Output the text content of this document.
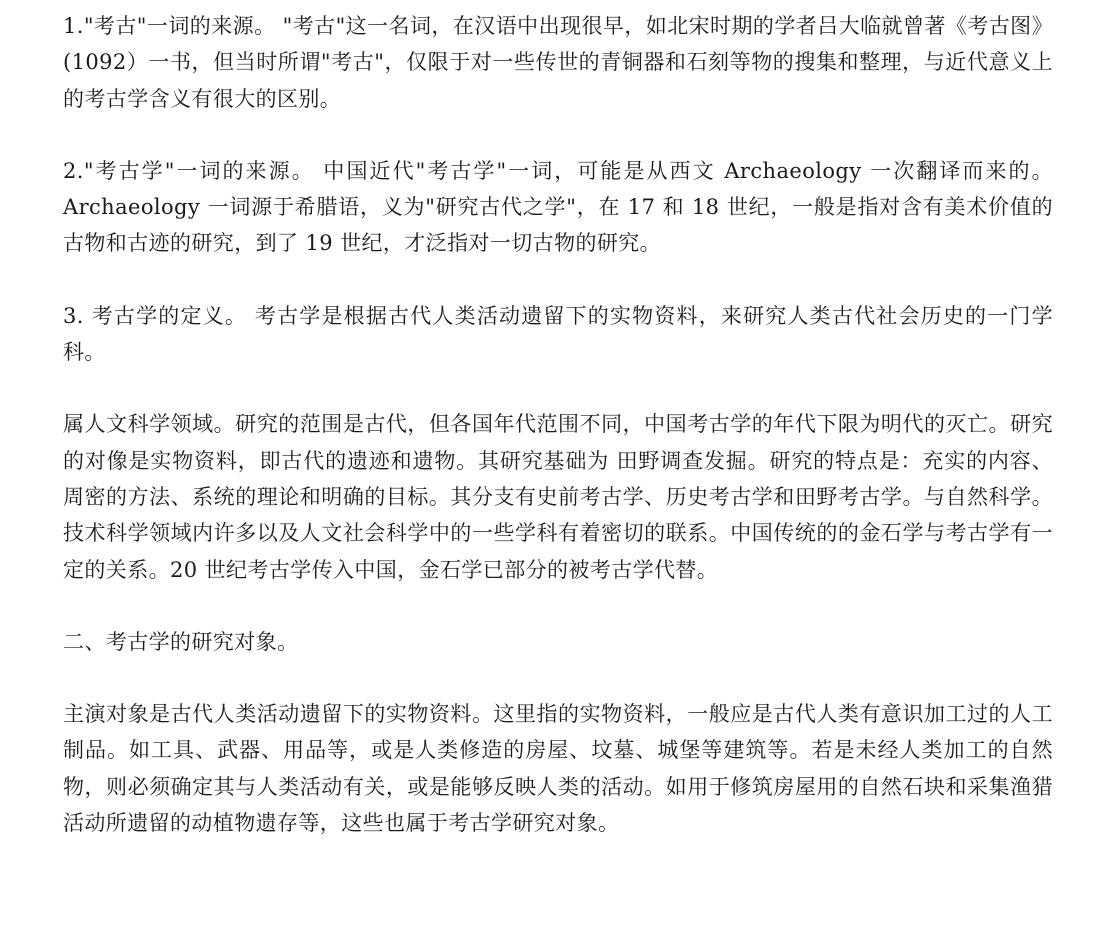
1."考古"一词的来源。 "考古"这一名词，在汉语中出现很早，如北宋时期的学者吕大临就曾著《考古图》(1092）一书，但当时所谓"考古"，仅限于对一些传世的青铜器和石刻等物的搜集和整理，与近代意义上的考古学含义有很大的区别。

2."考古学"一词的来源。 中国近代"考古学"一词，可能是从西文 Archaeology 一次翻译而来的。Archaeology 一词源于希腊语，义为"研究古代之学"，在 17 和 18 世纪，一般是指对含有美术价值的古物和古迹的研究，到了 19 世纪，才泛指对一切古物的研究。

3. 考古学的定义。 考古学是根据古代人类活动遗留下的实物资料，来研究人类古代社会历史的一门学科。

属人文科学领域。研究的范围是古代，但各国年代范围不同，中国考古学的年代下限为明代的灭亡。研究的对像是实物资料，即古代的遗迹和遗物。其研究基础为 田野调查发掘。研究的特点是：充实的内容、周密的方法、系统的理论和明确的目标。其分支有史前考古学、历史考古学和田野考古学。与自然科学。技术科学领域内许多以及人文社会科学中的一些学科有着密切的联系。中国传统的的金石学与考古学有一定的关系。20 世纪考古学传入中国，金石学已部分的被考古学代替。

二、考古学的研究对象。

主演对象是古代人类活动遗留下的实物资料。这里指的实物资料，一般应是古代人类有意识加工过的人工制品。如工具、武器、用品等，或是人类修造的房屋、坟墓、城堡等建筑等。若是未经人类加工的自然物，则必须确定其与人类活动有关，或是能够反映人类的活动。如用于修筑房屋用的自然石块和采集渔猎活动所遗留的动植物遗存等，这些也属于考古学研究对象。
